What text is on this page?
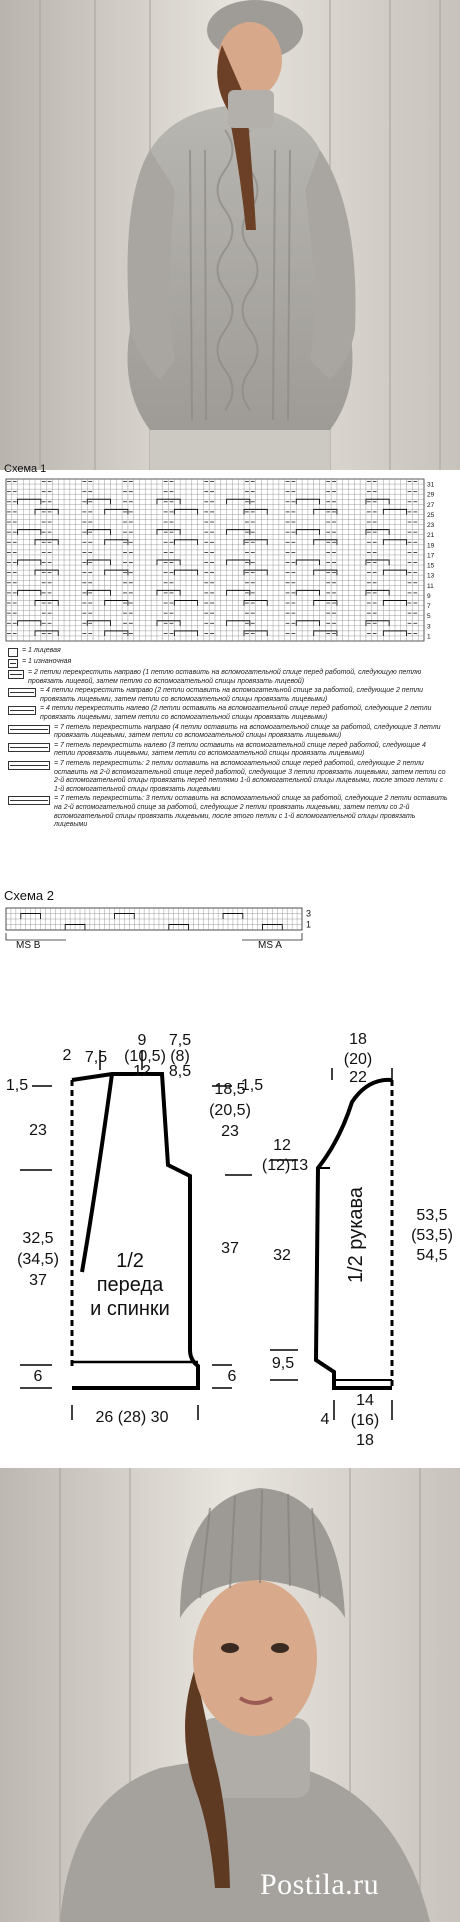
Схема 1
31
29
27
25
23
21
19
17
15
13
11
9
7
5
3
1
= 1 лицевая
= 1 изнаночная
= 2 петли перекрестить направо (1 петлю оставить на вспомогательной спице перед работой, следующую петлю провязать лицевой, затем петлю со вспомогательной спицы провязать лицевой)
= 4 петли перекрестить направо (2 петли оставить на вспомогательной спице за работой, следующие 2 петли провязать лицевыми, затем петли со вспомогательной спицы провязать лицевыми)
= 4 петли перекрестить налево (2 петли оставить на вспомогательной спице перед работой, следующие 2 петли провязать лицевыми, затем петли со вспомогательной спицы провязать лицевыми)
= 7 петель перекрестить направо (4 петли оставить на вспомогательной спице за работой, следующие 3 петли провязать лицевыми, затем петли со вспомогательной спицы провязать лицевыми)
= 7 петель перекрестить налево (3 петли оставить на вспомогательной спице перед работой, следующие 4 петли провязать лицевыми, затем петли со вспомогательной спицы провязать лицевыми)
= 7 петель перекрестить: 2 петли оставить на вспомогательной спице перед работой, следующие 2 петли оставить на 2-й вспомогательной спице перед работой, следующие 3 петли провязать лицевыми, затем петли со 2-й вспомогательной спицы провязать перед петлями 1-й вспомогательной спицы лицевыми, после этого петли с 1-й вспомогательной спицы провязать лицевыми
= 7 петель перекрестить: 3 петли оставить на вспомогательной спице за работой, следующие 2 петли оставить на 2-й вспомогательной спице за работой, следующие 2 петли провязать лицевыми, затем петли со 2-й вспомогательной спицы провязать лицевыми, после этого петли с 1-й вспомогательной спицы провязать лицевыми
Схема 2
3
1
MS B	MS A
1/2
переда
и спинки
2 7,5
9
(10,5)
12
7,5
(8)
8,5
1,5
23
32,5
(34,5)
37
6
18,5
(20,5)
23
1,5
37
6
26 (28) 30
1/2 рукава
18
(20)
22
12
(12)13
32
9,5
53,5
(53,5)
54,5
4
14
(16)
18
Postila.ru
